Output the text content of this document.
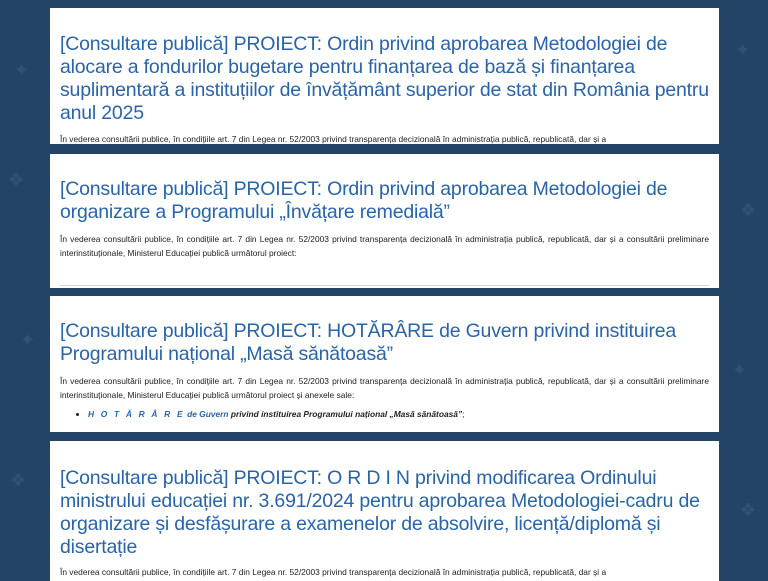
✦
❖
✦
❖
✦
❖
✦
❖
[Consultare publică] PROIECT: Ordin privind aprobarea Metodologiei de alocare a fondurilor bugetare pentru finanțarea de bază și finanțarea suplimentară a instituțiilor de învățământ superior de stat din România pentru anul 2025

În vederea consultării publice, în condițiile art. 7 din Legea nr. 52/2003 privind transparența decizională în administrația publică, republicată, dar și a

[Consultare publică] PROIECT: Ordin privind aprobarea Metodologiei de organizare a Programului „Învățare remedială”

În vederea consultării publice, în condițiile art. 7 din Legea nr. 52/2003 privind transparența decizională în administrația publică, republicată, dar și a consultării preliminare interinstituționale, Ministerul Educației publică următorul proiect:

[Consultare publică] PROIECT: HOTĂRÂRE de Guvern privind instituirea Programului național „Masă sănătoasă”

În vederea consultării publice, în condițiile art. 7 din Legea nr. 52/2003 privind transparența decizională în administrația publică, republicată, dar și a consultării preliminare interinstituționale, Ministerul Educației publică următorul proiect și anexele sale:

• H O T Ă R Â R E de Guvern privind instituirea Programului național „Masă sănătoasă”;
[Consultare publică] PROIECT: O R D I N privind modificarea Ordinului ministrului educației nr. 3.691/2024 pentru aprobarea Metodologiei-cadru de organizare și desfășurare a examenelor de absolvire, licență/diplomă și disertație

În vederea consultării publice, în condițiile art. 7 din Legea nr. 52/2003 privind transparența decizională în administrația publică, republicată, dar și a
